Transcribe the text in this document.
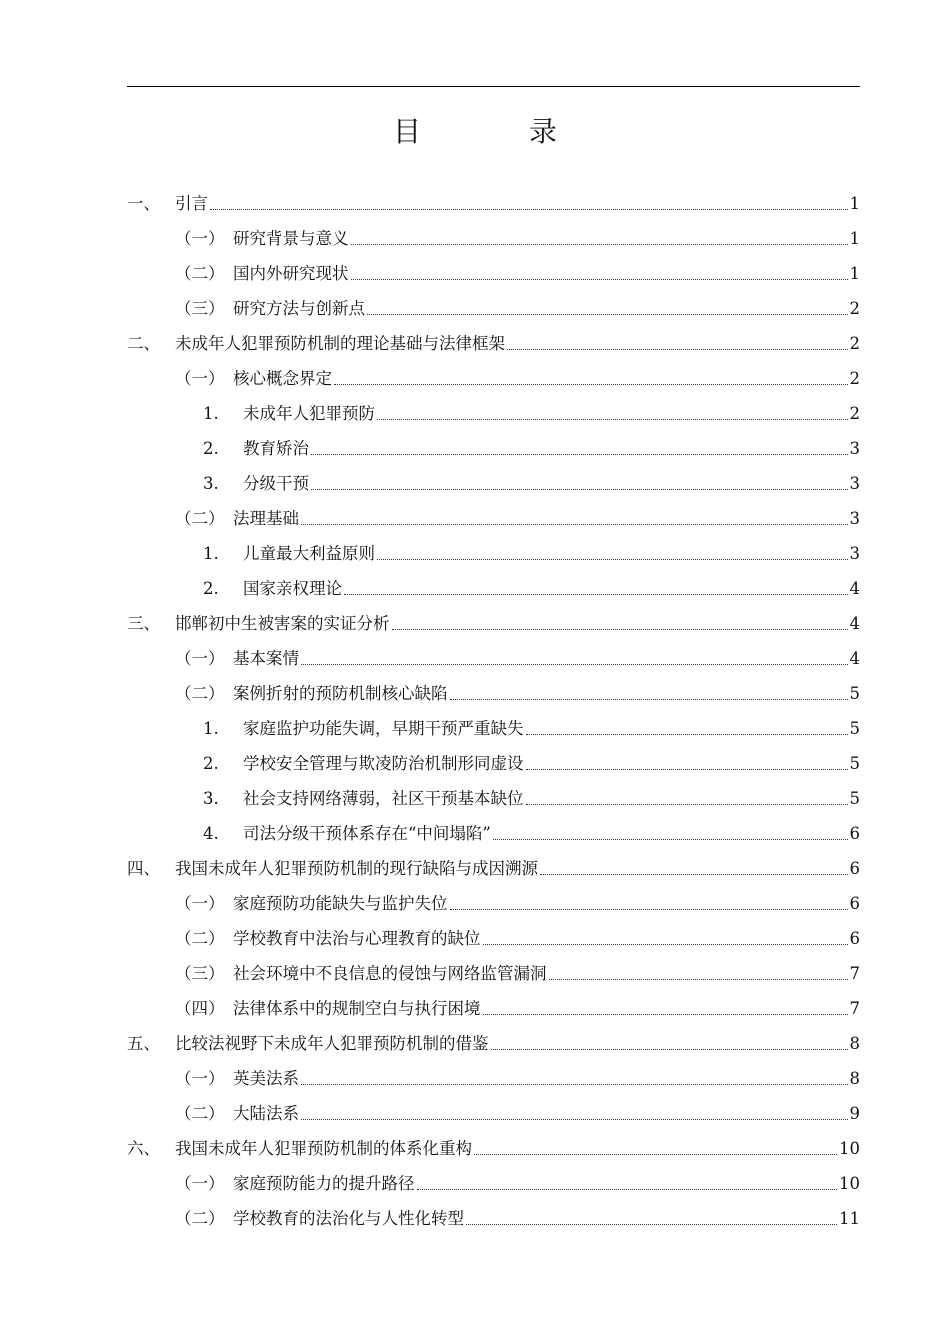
目　录
一、 引言	1
（一） 研究背景与意义	1
（二） 国内外研究现状	1
（三） 研究方法与创新点	2
二、 未成年人犯罪预防机制的理论基础与法律框架	2
（一） 核心概念界定	2
1.	未成年人犯罪预防	2
2.	教育矫治	3
3.	分级干预	3
（二） 法理基础	3
1.	儿童最大利益原则	3
2.	国家亲权理论	4
三、 邯郸初中生被害案的实证分析	4
（一） 基本案情	4
（二） 案例折射的预防机制核心缺陷	5
1.	家庭监护功能失调，早期干预严重缺失	5
2.	学校安全管理与欺凌防治机制形同虚设	5
3.	社会支持网络薄弱，社区干预基本缺位	5
4.	司法分级干预体系存在“中间塌陷”	6
四、 我国未成年人犯罪预防机制的现行缺陷与成因溯源	6
（一） 家庭预防功能缺失与监护失位	6
（二） 学校教育中法治与心理教育的缺位	6
（三） 社会环境中不良信息的侵蚀与网络监管漏洞	7
（四） 法律体系中的规制空白与执行困境	7
五、 比较法视野下未成年人犯罪预防机制的借鉴	8
（一） 英美法系	8
（二） 大陆法系	9
六、 我国未成年人犯罪预防机制的体系化重构	10
（一） 家庭预防能力的提升路径	10
（二） 学校教育的法治化与人性化转型	11
